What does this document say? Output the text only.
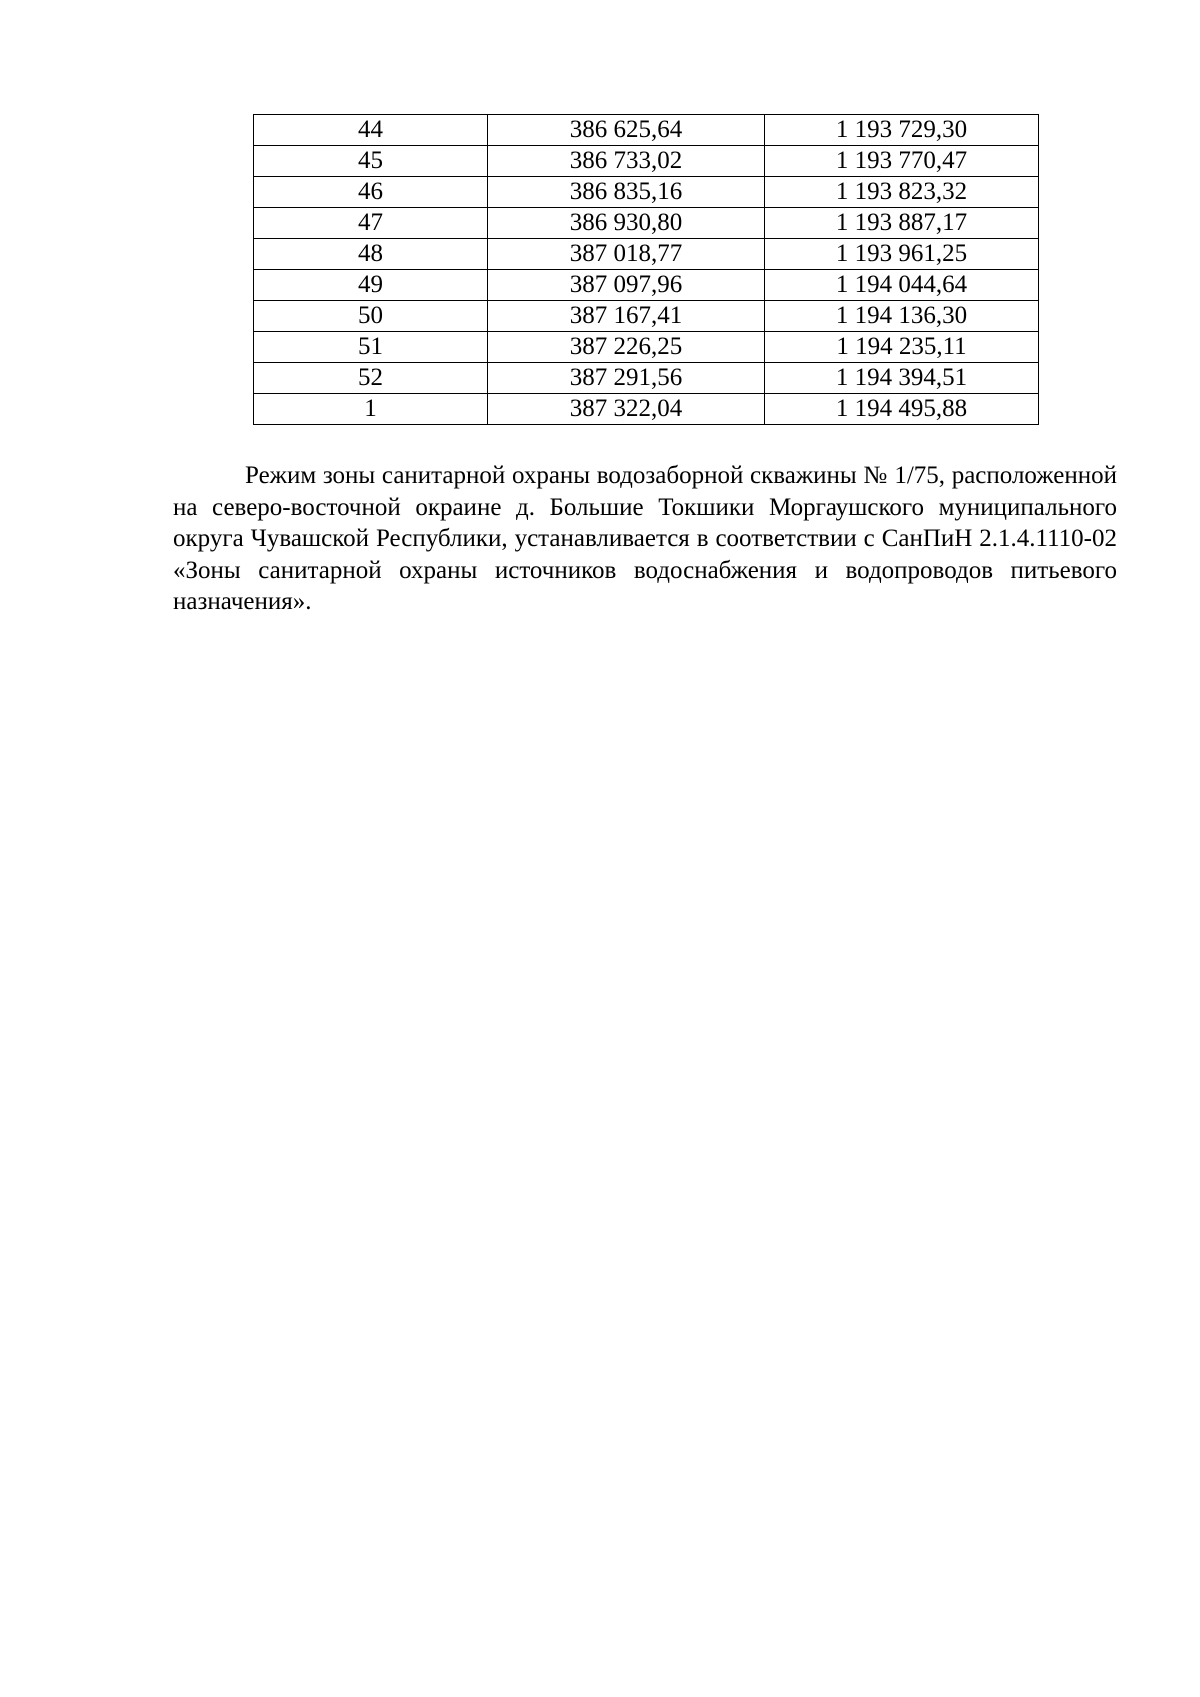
44	386 625,64	1 193 729,30
45	386 733,02	1 193 770,47
46	386 835,16	1 193 823,32
47	386 930,80	1 193 887,17
48	387 018,77	1 193 961,25
49	387 097,96	1 194 044,64
50	387 167,41	1 194 136,30
51	387 226,25	1 194 235,11
52	387 291,56	1 194 394,51
1	387 322,04	1 194 495,88

Режим зоны санитарной охраны водозаборной скважины № 1/75, расположенной на северо-восточной окраине д. Большие Токшики Моргаушского муниципального округа Чувашской Республики, устанавливается в соответствии с СанПиН 2.1.4.1110-02 «Зоны санитарной охраны источников водоснабжения и водопроводов питьевого назначения».
